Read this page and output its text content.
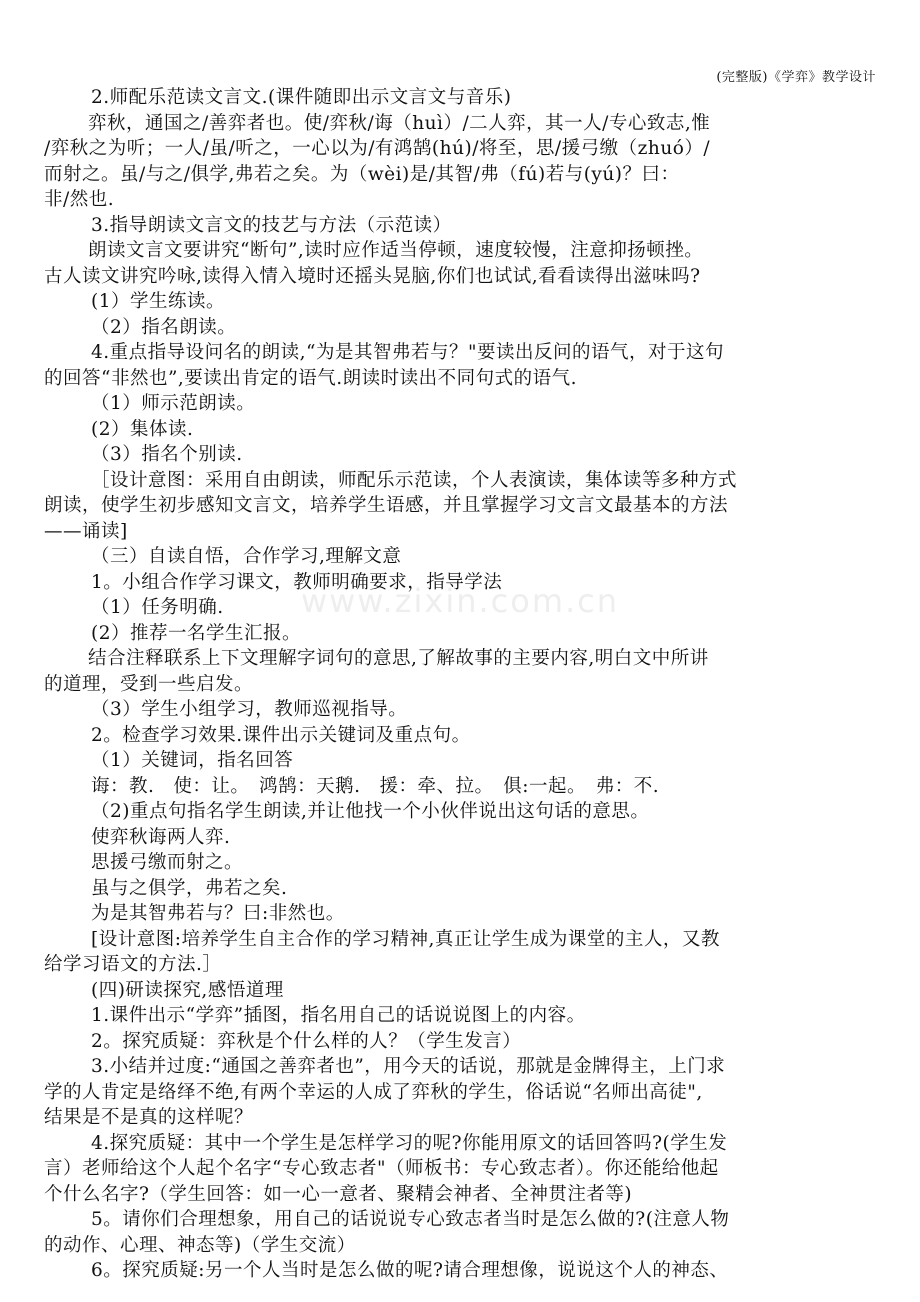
(完整版)《学弈》教学设计
www.zixin.com.cn

2.师配乐范读文言文.(课件随即出示文言文与音乐)

弈秋，通国之/善弈者也。使/弈秋/诲（huì）/二人弈，其一人/专心致志,惟

/弈秋之为听；一人/虽/听之，一心以为/有鸿鹄(hú)/将至，思/援弓缴（zhuó）/

而射之。虽/与之/俱学,弗若之矣。为（wèi)是/其智/弗（fú)若与(yú)？曰：

非/然也.

3.指导朗读文言文的技艺与方法（示范读）

朗读文言文要讲究“断句”,读时应作适当停顿，速度较慢，注意抑扬顿挫。

古人读文讲究吟咏,读得入情入境时还摇头晃脑,你们也试试,看看读得出滋味吗?

(1）学生练读。

（2）指名朗读。

4.重点指导设问名的朗读,“为是其智弗若与？"要读出反问的语气，对于这句

的回答“非然也”,要读出肯定的语气.朗读时读出不同句式的语气.

（1）师示范朗读。

(2）集体读.

（3）指名个别读.

［设计意图：采用自由朗读，师配乐示范读，个人表演读，集体读等多种方式

朗读，使学生初步感知文言文，培养学生语感，并且掌握学习文言文最基本的方法

——诵读]

（三）自读自悟，合作学习,理解文意

1。小组合作学习课文，教师明确要求，指导学法

（1）任务明确.

(2）推荐一名学生汇报。

结合注释联系上下文理解字词句的意思,了解故事的主要内容,明白文中所讲

的道理，受到一些启发。

（3）学生小组学习，教师巡视指导。

2。检查学习效果.课件出示关键词及重点句。

（1）关键词，指名回答

诲：教.　使：让。　鸿鹄：天鹅.　援：牵、拉。　俱:一起。　弗：不.

（2)重点句指名学生朗读,并让他找一个小伙伴说出这句话的意思。

使弈秋诲两人弈.

思援弓缴而射之。

虽与之俱学，弗若之矣.

为是其智弗若与？曰:非然也。

[设计意图:培养学生自主合作的学习精神,真正让学生成为课堂的主人，又教

给学习语文的方法.］

(四)研读探究,感悟道理

1.课件出示“学弈”插图，指名用自己的话说说图上的内容。

2。探究质疑：弈秋是个什么样的人？（学生发言）

3.小结并过度:“通国之善弈者也”，用今天的话说，那就是金牌得主，上门求

学的人肯定是络绎不绝,有两个幸运的人成了弈秋的学生，俗话说“名师出高徒",

结果是不是真的这样呢？

4.探究质疑：其中一个学生是怎样学习的呢?你能用原文的话回答吗?(学生发

言）老师给这个人起个名字“专心致志者"（师板书：专心致志者）。你还能给他起

个什么名字?（学生回答：如一心一意者、聚精会神者、全神贯注者等)

5。请你们合理想象，用自己的话说说专心致志者当时是怎么做的?(注意人物

的动作、心理、神态等)（学生交流）

6。探究质疑:另一个人当时是怎么做的呢?请合理想像，说说这个人的神态、
